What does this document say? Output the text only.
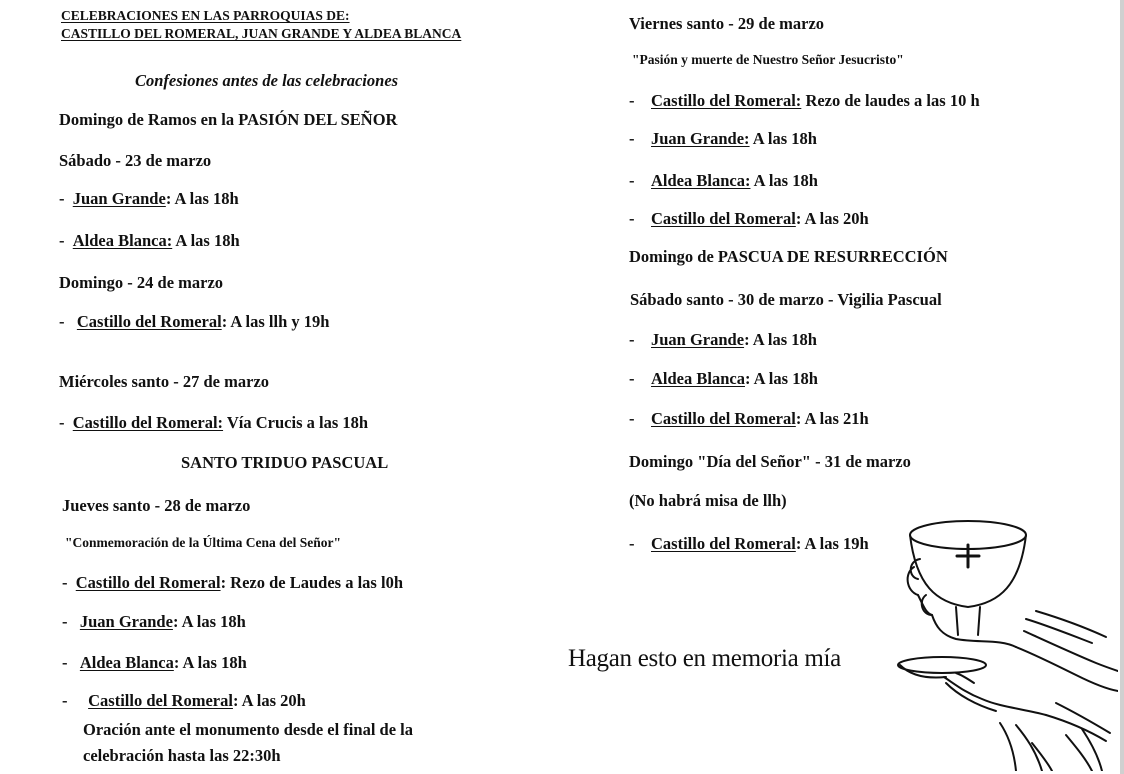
CELEBRACIONES EN LAS PARROQUIAS DE:
CASTILLO DEL ROMERAL, JUAN GRANDE Y ALDEA BLANCA
Confesiones antes de las celebraciones
Domingo de Ramos en la PASIÓN DEL SEÑOR
Sábado - 23 de marzo
- Juan Grande: A las 18h
- Aldea Blanca: A las 18h
Domingo - 24 de marzo
- Castillo del Romeral: A las llh y 19h
Miércoles santo - 27 de marzo
- Castillo del Romeral: Vía Crucis a las 18h
SANTO TRIDUO PASCUAL
Jueves santo - 28 de marzo
"Conmemoración de la Última Cena del Señor"
- Castillo del Romeral: Rezo de Laudes a las l0h
- Juan Grande: A las 18h
- Aldea Blanca: A las 18h
- Castillo del Romeral: A las 20h
Oración ante el monumento desde el final de la
celebración hasta las 22:30h
Viernes santo - 29 de marzo
"Pasión y muerte de Nuestro Señor Jesucristo"
- Castillo del Romeral: Rezo de laudes a las 10 h
- Juan Grande: A las 18h
- Aldea Blanca: A las 18h
- Castillo del Romeral: A las 20h
Domingo de PASCUA DE RESURRECCIÓN
Sábado santo - 30 de marzo - Vigilia Pascual
- Juan Grande: A las 18h
- Aldea Blanca: A las 18h
- Castillo del Romeral: A las 21h
Domingo "Día del Señor" - 31 de marzo
(No habrá misa de llh)
- Castillo del Romeral: A las 19h
Hagan esto en memoria mía
